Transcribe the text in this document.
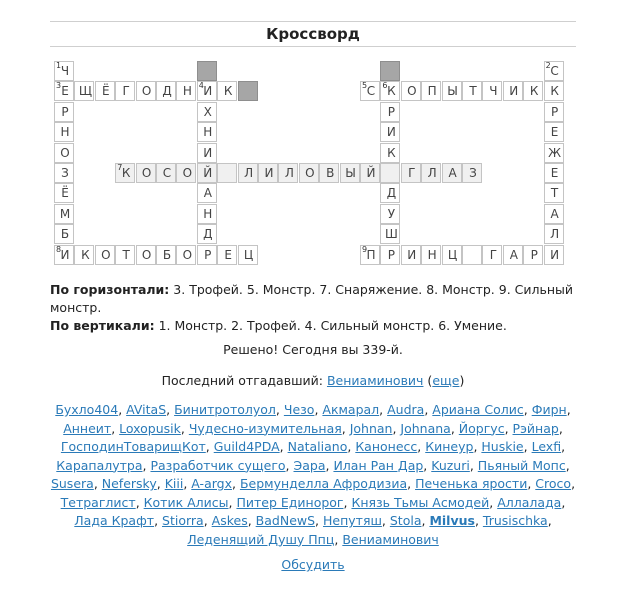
Кроссворд
1 Ч
3 Е Щ Ё Г О Д Н 4 И К
Р
Н
О
З
Ё
М
Б
8 И К О Т О Б О Р Е Ц
Х
Н
И
А
Н
Д
7 К О С О Й	Л И Л О В Ы Й	Г Л А З
5 С 6 К О П Ы Т Ч И К
Р
И
К
Д
У
Ш
2 С
К
Р
Е
Ж
Е
Т
А
Л
9 П Р И Н Ц	Г А Р И
По горизонтали: 3. Трофей. 5. Монстр. 7. Снаряжение. 8. Монстр. 9. Сильный монстр.
По вертикали: 1. Монстр. 2. Трофей. 4. Сильный монстр. 6. Умение.
Решено! Сегодня вы 339-й.
Последний отгадавший: Вениаминович (еще)
Бухло404, AVitaS, Бинитротолуол, Чезо, Акмарал, Audra, Ариана Солис, Фирн,
Аннеит, Loxopusik, Чудесно-изумительная, Johnan, Johnana, Йоргус, Рэйнар,
ГосподинТоварищКот, Guild4PDA, Nataliano, Канонесс, Кинеур, Huskie, Lexfi,
Карапалутра, Разработчик сущего, Эара, Илан Ран Дар, Kuzuri, Пьяный Мопс,
Susera, Nefersky, Kiii, A-argx, Бермунделла Афродизиа, Печенька ярости, Croco,
Тетраглист, Котик Алисы, Питер Единорог, Князь Тьмы Асмодей, Аллалада,
Лада Крафт, Stiorra, Askes, BadNewS, Непутяш, Stola, Milvus, Trusischka,
Леденящий Душу Ппц, Вениаминович
Обсудить
